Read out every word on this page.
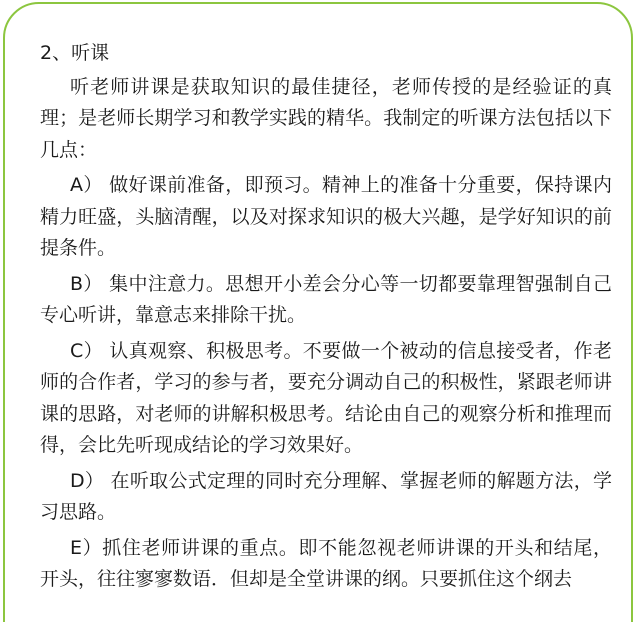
2、听课

听老师讲课是获取知识的最佳捷径，老师传授的是经验证的真理；是老师长期学习和教学实践的精华。我制定的听课方法包括以下几点：

A） 做好课前准备，即预习。精神上的准备十分重要，保持课内精力旺盛，头脑清醒，以及对探求知识的极大兴趣，是学好知识的前提条件。

B） 集中注意力。思想开小差会分心等一切都要靠理智强制自己专心听讲，靠意志来排除干扰。

C） 认真观察、积极思考。不要做一个被动的信息接受者，作老师的合作者，学习的参与者，要充分调动自己的积极性，紧跟老师讲课的思路，对老师的讲解积极思考。结论由自己的观察分析和推理而得，会比先听现成结论的学习效果好。

D） 在听取公式定理的同时充分理解、掌握老师的解题方法，学习思路。

E）抓住老师讲课的重点。即不能忽视老师讲课的开头和结尾，开头，往往寥寥数语．但却是全堂讲课的纲。只要抓住这个纲去
